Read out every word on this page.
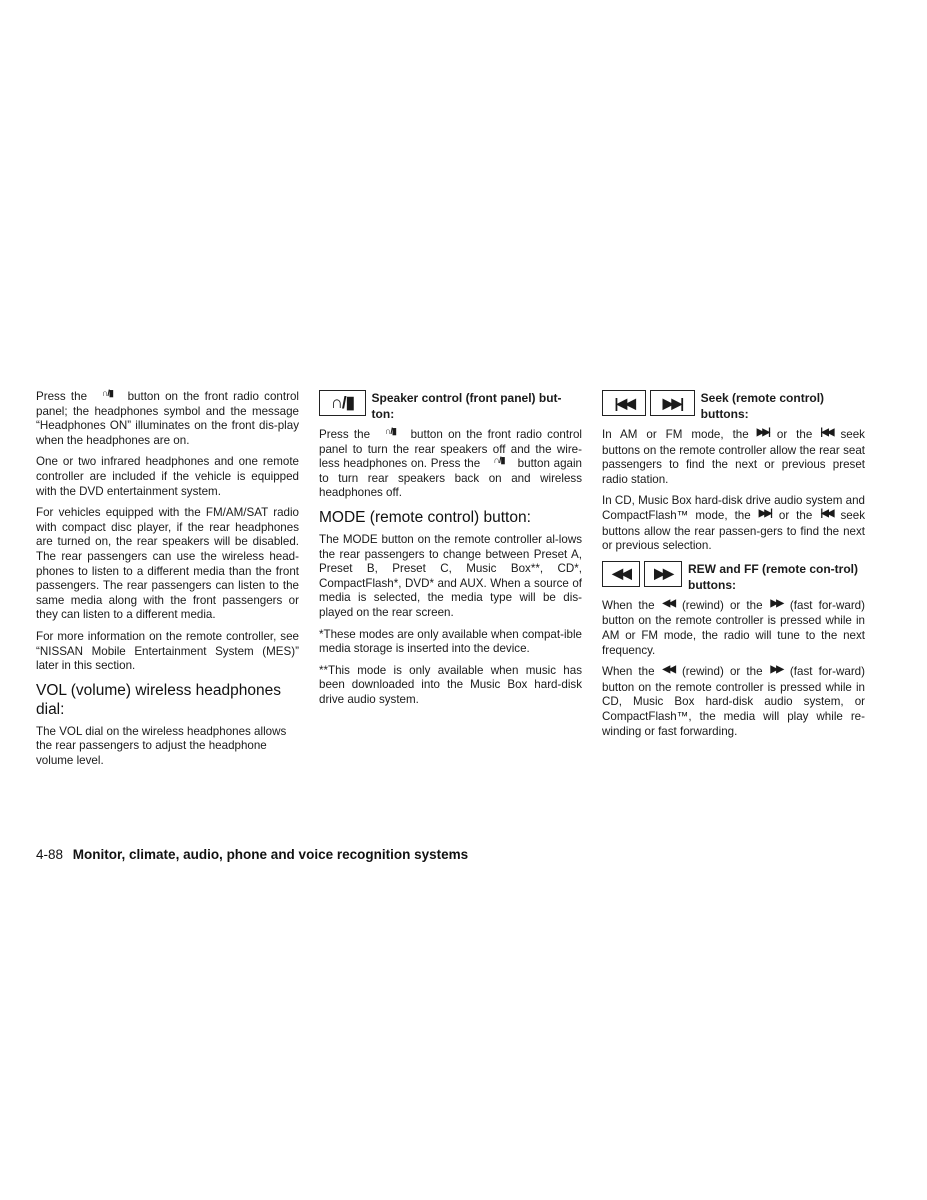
Press the ∩/▮ button on the front radio control panel; the headphones symbol and the message “Headphones ON” illuminates on the front dis-play when the headphones are on.

One or two infrared headphones and one remote controller are included if the vehicle is equipped with the DVD entertainment system.

For vehicles equipped with the FM/AM/SAT radio with compact disc player, if the rear headphones are turned on, the rear speakers will be disabled. The rear passengers can use the wireless head-phones to listen to a different media than the front passengers. The rear passengers can listen to the same media along with the front passengers or they can listen to a different media.

For more information on the remote controller, see “NISSAN Mobile Entertainment System (MES)” later in this section.

VOL (volume) wireless headphones dial:

The VOL dial on the wireless headphones allows the rear passengers to adjust the headphone volume level.

∩/▮	Speaker control (front panel) but-ton:

Press the ∩/▮ button on the front radio control panel to turn the rear speakers off and the wire-less headphones on. Press the ∩/▮ button again to turn rear speakers back on and wireless headphones off.

MODE (remote control) button:

The MODE button on the remote controller al-lows the rear passengers to change between Preset A, Preset B, Preset C, Music Box**, CD*, CompactFlash*, DVD* and AUX. When a source of media is selected, the media type will be dis-played on the rear screen.

*These modes are only available when compat-ible media storage is inserted into the device.

**This mode is only available when music has been downloaded into the Music Box hard-disk drive audio system.

|◀◀	▶▶|	Seek (remote control) buttons:

In AM or FM mode, the ▶▶| or the |◀◀ seek buttons on the remote controller allow the rear seat passengers to find the next or previous preset radio station.

In CD, Music Box hard-disk drive audio system and CompactFlash™ mode, the ▶▶| or the |◀◀ seek buttons allow the rear passen-gers to find the next or previous selection.

◀◀	▶▶	REW and FF (remote con-trol) buttons:

When the ◀◀ (rewind) or the ▶▶ (fast for-ward) button on the remote controller is pressed while in AM or FM mode, the radio will tune to the next frequency.

When the ◀◀ (rewind) or the ▶▶ (fast for-ward) button on the remote controller is pressed while in CD, Music Box hard-disk audio system, or CompactFlash™, the media will play while re-winding or fast forwarding.

4-88 Monitor, climate, audio, phone and voice recognition systems
